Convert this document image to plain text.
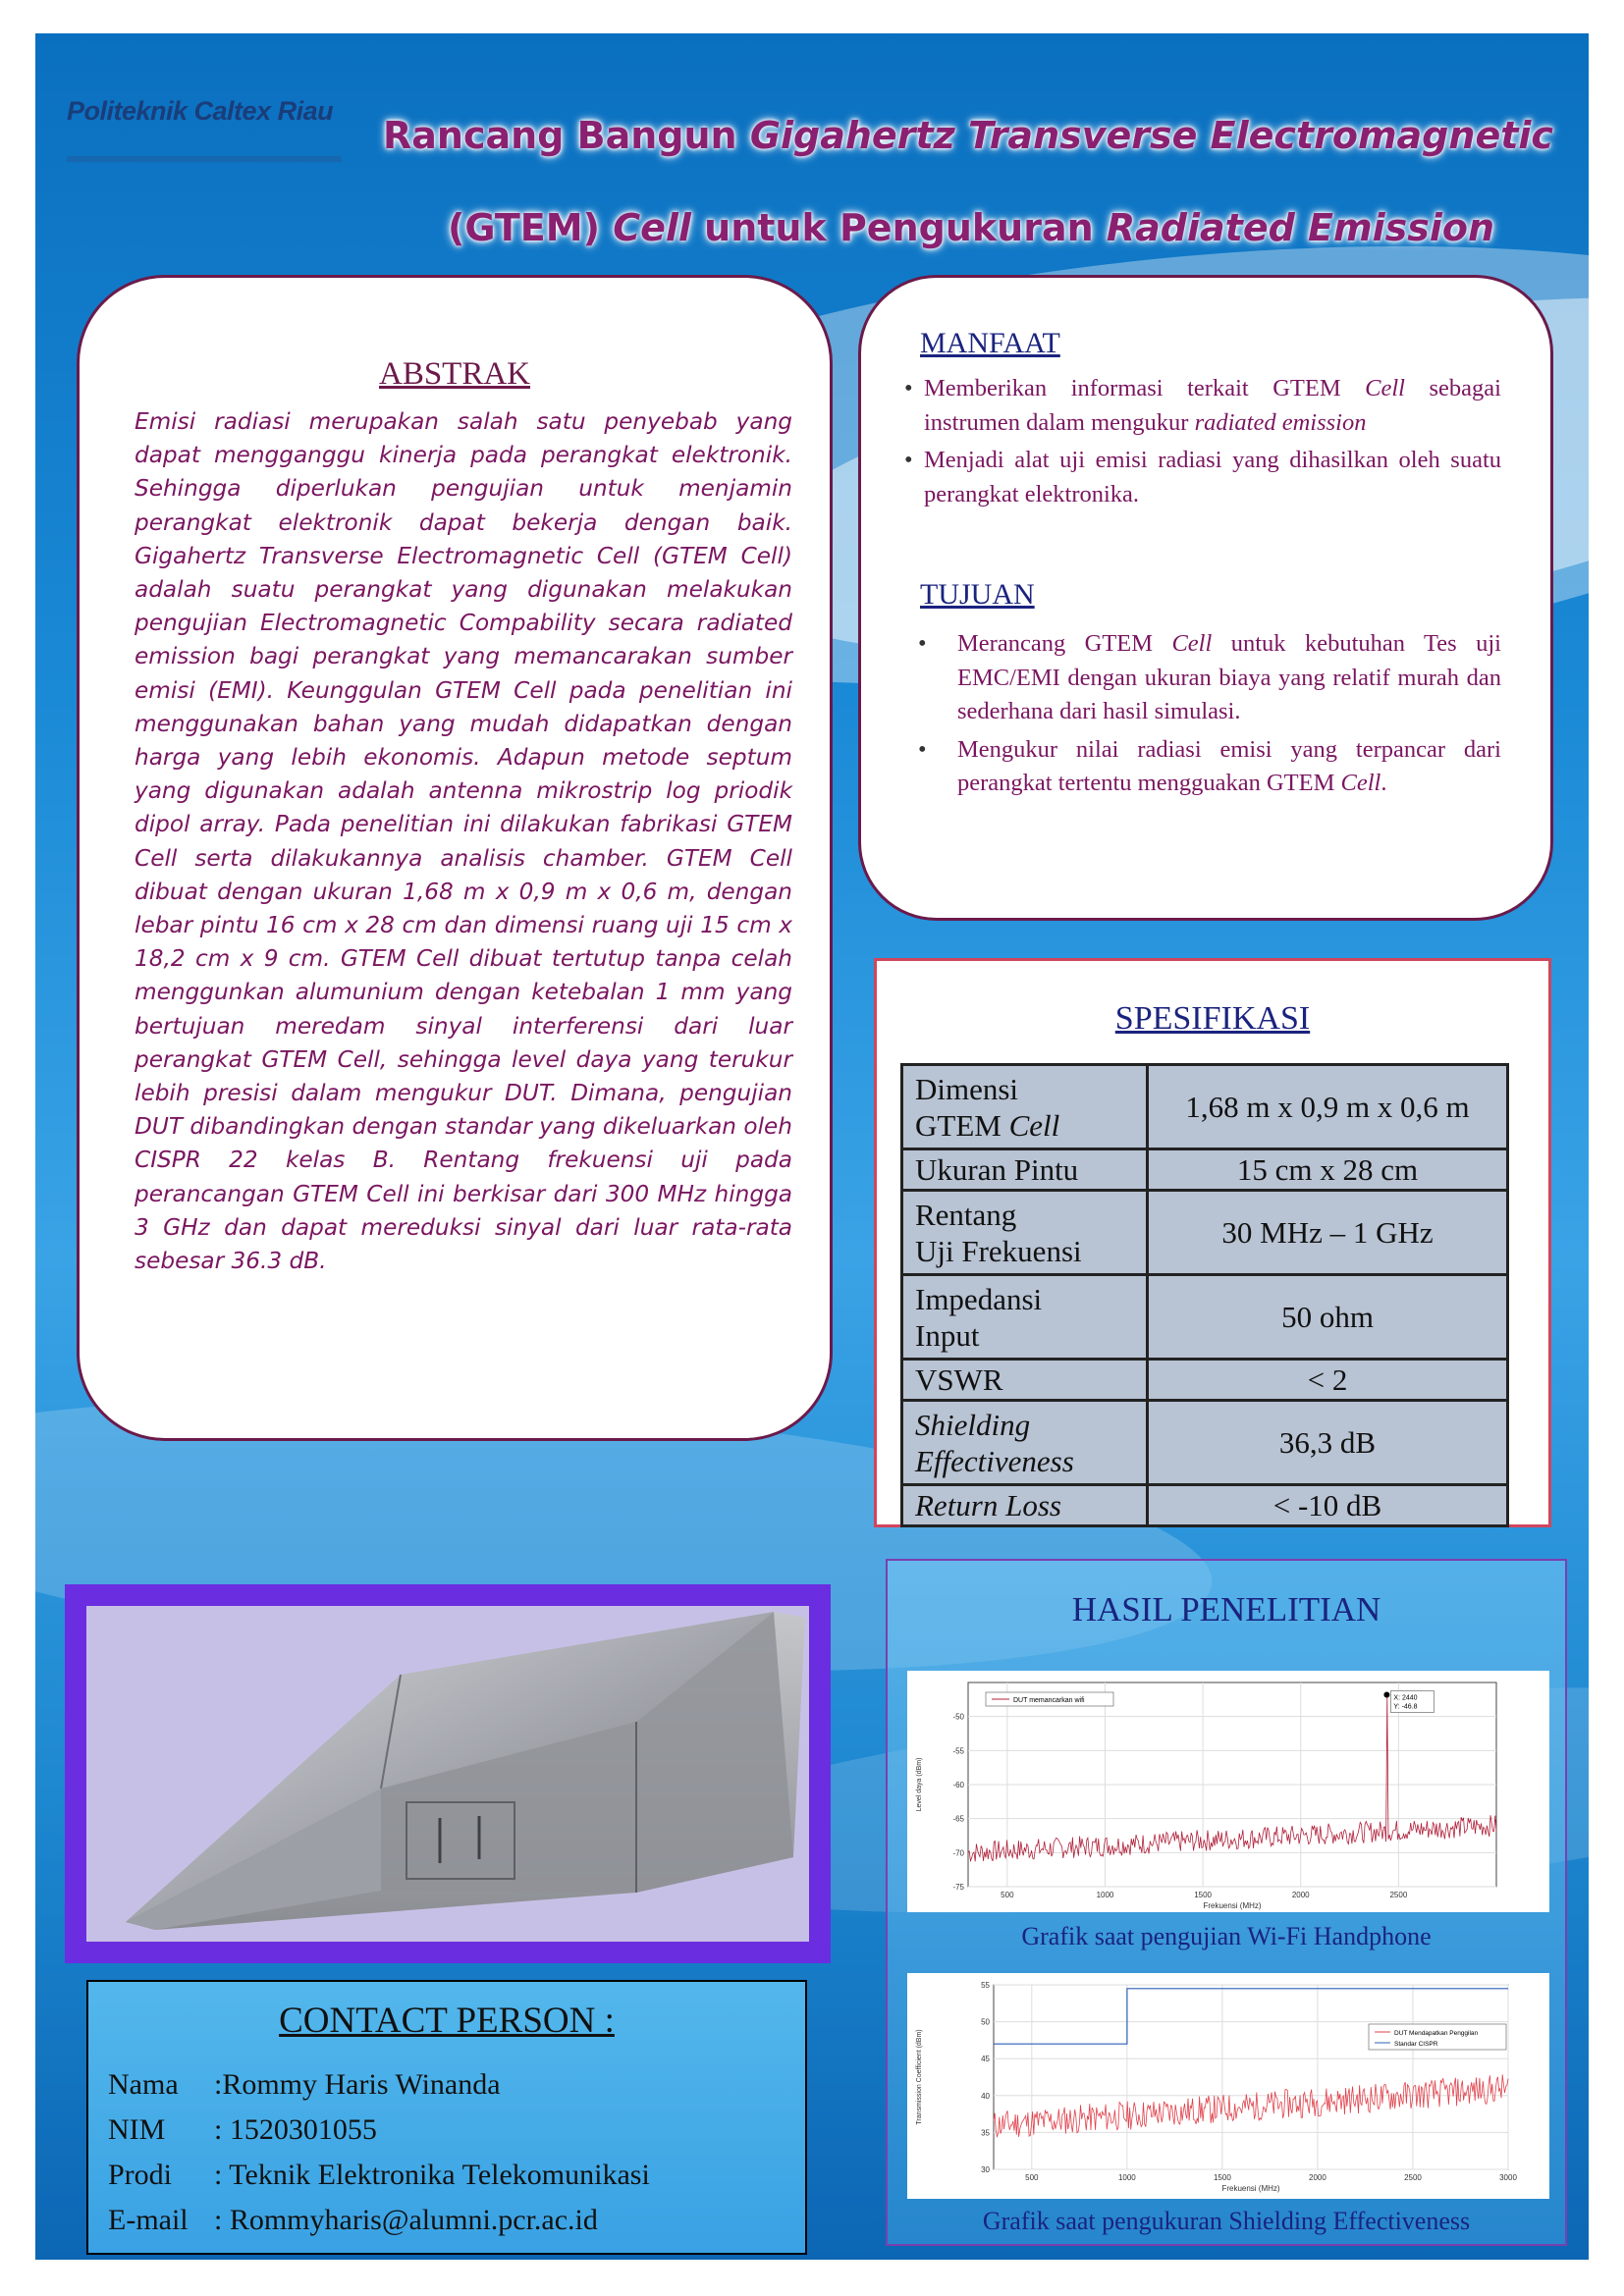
Politeknik Caltex Riau
Rancang Bangun Gigahertz Transverse Electromagnetic
(GTEM) Cell untuk Pengukuran Radiated Emission
ABSTRAK
Emisi radiasi merupakan salah satu penyebab yang dapat mengganggu kinerja pada perangkat elektronik. Sehingga diperlukan pengujian untuk menjamin perangkat elektronik dapat bekerja dengan baik. Gigahertz Transverse Electromagnetic Cell (GTEM Cell) adalah suatu perangkat yang digunakan melakukan pengujian Electromagnetic Compability secara radiated emission bagi perangkat yang memancarakan sumber emisi (EMI). Keunggulan GTEM Cell pada penelitian ini menggunakan bahan yang mudah didapatkan dengan harga yang lebih ekonomis. Adapun metode septum yang digunakan adalah antenna mikrostrip log priodik dipol array. Pada penelitian ini dilakukan fabrikasi GTEM Cell serta dilakukannya analisis chamber. GTEM Cell dibuat dengan ukuran 1,68 m x 0,9 m x 0,6 m, dengan lebar pintu 16 cm x 28 cm dan dimensi ruang uji 15 cm x 18,2 cm x 9 cm. GTEM Cell dibuat tertutup tanpa celah menggunkan alumunium dengan ketebalan 1 mm yang bertujuan meredam sinyal interferensi dari luar perangkat GTEM Cell, sehingga level daya yang terukur lebih presisi dalam mengukur DUT. Dimana, pengujian DUT dibandingkan dengan standar yang dikeluarkan oleh CISPR 22 kelas B. Rentang frekuensi uji pada perancangan GTEM Cell ini berkisar dari 300 MHz hingga 3 GHz dan dapat mereduksi sinyal dari luar rata-rata sebesar 36.3 dB.
MANFAAT
• Memberikan informasi terkait GTEM Cell sebagai instrumen dalam mengukur radiated emission
• Menjadi alat uji emisi radiasi yang dihasilkan oleh suatu perangkat elektronika.
TUJUAN
• Merancang GTEM Cell untuk kebutuhan Tes uji EMC/EMI dengan ukuran biaya yang relatif murah dan sederhana dari hasil simulasi.
• Mengukur nilai radiasi emisi yang terpancar dari perangkat tertentu mengguakan GTEM Cell.
SPESIFIKASI
Dimensi
GTEM Cell	1,68 m x 0,9 m x 0,6 m
Ukuran Pintu	15 cm x 28 cm
Rentang
Uji Frekuensi	30 MHz – 1 GHz
Impedansi
Input	50 ohm
VSWR	< 2
Shielding
Effectiveness	36,3 dB
Return Loss	< -10 dB
HASIL PENELITIAN
-50
-55
-60
-65
-70
-75
500	1000	1500	2000	2500
Frekuensi (MHz)
Level daya (dBm)
X: 2440
Y: -46.8
DUT memancarkan wifi
Grafik saat pengujian Wi-Fi Handphone
55
50
45
40
35
30
500	1000	1500	2000	2500	3000
Frekuensi (MHz)
Transmission Coefficient (dBm)	DUT Mendapatkan Penggilan
Standar CISPR
Grafik saat pengukuran Shielding Effectiveness
CONTACT PERSON :
Nama :Rommy Haris Winanda
NIM : 1520301055
Prodi : Teknik Elektronika Telekomunikasi
E-mail : Rommyharis@alumni.pcr.ac.id
